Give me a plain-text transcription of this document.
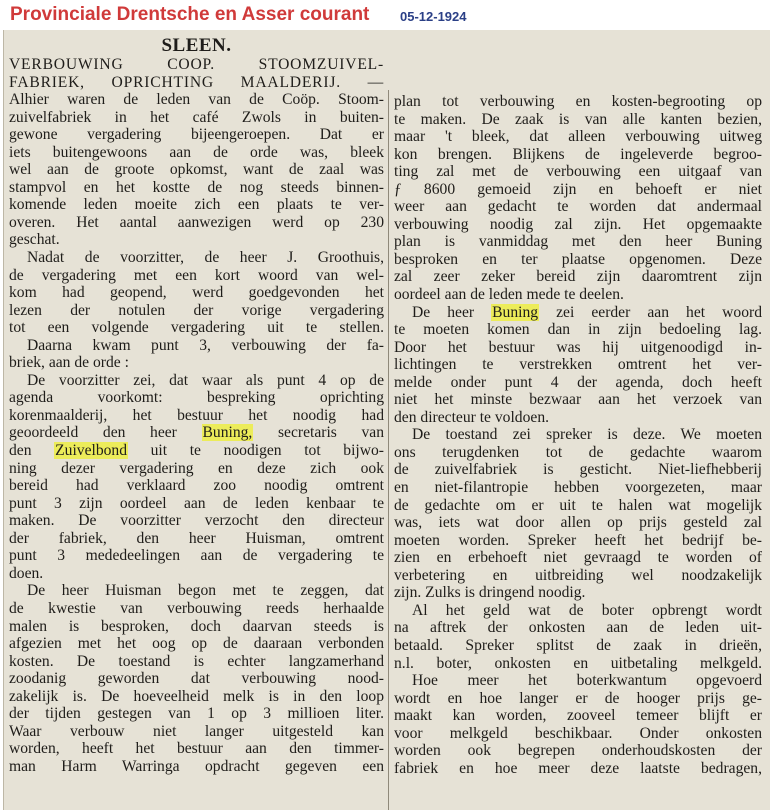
Provinciale Drentsche en Asser courant 05-12-1924
SLEEN.
VERBOUWING COOP. STOOMZUIVEL-
FABRIEK, OPRICHTING MAALDERIJ. —
Alhier waren de leden van de Coöp. Stoom-
zuivelfabriek in het café Zwols in buiten-
gewone vergadering bijeengeroepen. Dat er
iets buitengewoons aan de orde was, bleek
wel aan de groote opkomst, want de zaal was
stampvol en het kostte de nog steeds binnen-
komende leden moeite zich een plaats te ver-
overen. Het aantal aanwezigen werd op 230
geschat.
Nadat de voorzitter, de heer J. Groothuis,
de vergadering met een kort woord van wel-
kom had geopend, werd goedgevonden het
lezen der notulen der vorige vergadering
tot een volgende vergadering uit te stellen.
Daarna kwam punt 3, verbouwing der fa-
briek, aan de orde :
De voorzitter zei, dat waar als punt 4 op de
agenda voorkomt: bespreking oprichting
korenmaalderij, het bestuur het noodig had
geoordeeld den heer Buning, secretaris van
den Zuivelbond uit te noodigen tot bijwo-
ning dezer vergadering en deze zich ook
bereid had verklaard zoo noodig omtrent
punt 3 zijn oordeel aan de leden kenbaar te
maken. De voorzitter verzocht den directeur
der fabriek, den heer Huisman, omtrent
punt 3 mededeelingen aan de vergadering te
doen.
De heer Huisman begon met te zeggen, dat
de kwestie van verbouwing reeds herhaalde
malen is besproken, doch daarvan steeds is
afgezien met het oog op de daaraan verbonden
kosten. De toestand is echter langzamerhand
zoodanig geworden dat verbouwing nood-
zakelijk is. De hoeveelheid melk is in den loop
der tijden gestegen van 1 op 3 millioen liter.
Waar verbouw niet langer uitgesteld kan
worden, heeft het bestuur aan den timmer-
man Harm Warringa opdracht gegeven een
plan tot verbouwing en kosten-begrooting op
te maken. De zaak is van alle kanten bezien,
maar 't bleek, dat alleen verbouwing uitweg
kon brengen. Blijkens de ingeleverde begroo-
ting zal met de verbouwing een uitgaaf van
ƒ 8600 gemoeid zijn en behoeft er niet
weer aan gedacht te worden dat andermaal
verbouwing noodig zal zijn. Het opgemaakte
plan is vanmiddag met den heer Buning
besproken en ter plaatse opgenomen. Deze
zal zeer zeker bereid zijn daaromtrent zijn
oordeel aan de leden mede te deelen.
De heer Buning zei eerder aan het woord
te moeten komen dan in zijn bedoeling lag.
Door het bestuur was hij uitgenoodigd in-
lichtingen te verstrekken omtrent het ver-
melde onder punt 4 der agenda, doch heeft
niet het minste bezwaar aan het verzoek van
den directeur te voldoen.
De toestand zei spreker is deze. We moeten
ons terugdenken tot de gedachte waarom
de zuivelfabriek is gesticht. Niet-liefhebberij
en niet-filantropie hebben voorgezeten, maar
de gedachte om er uit te halen wat mogelijk
was, iets wat door allen op prijs gesteld zal
moeten worden. Spreker heeft het bedrijf be-
zien en erbehoeft niet gevraagd te worden of
verbetering en uitbreiding wel noodzakelijk
zijn. Zulks is dringend noodig.
Al het geld wat de boter opbrengt wordt
na aftrek der onkosten aan de leden uit-
betaald. Spreker splitst de zaak in drieën,
n.l. boter, onkosten en uitbetaling melkgeld.
Hoe meer het boterkwantum opgevoerd
wordt en hoe langer er de hooger prijs ge-
maakt kan worden, zooveel temeer blijft er
voor melkgeld beschikbaar. Onder onkosten
worden ook begrepen onderhoudskosten der
fabriek en hoe meer deze laatste bedragen,
